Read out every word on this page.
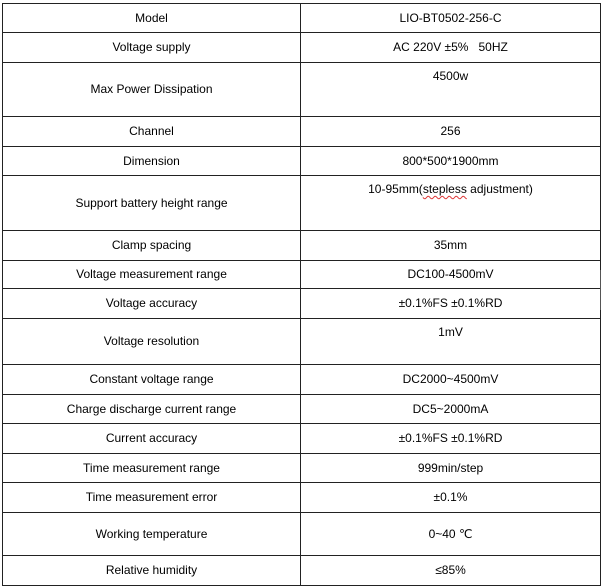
Model	LIO-BT0502-256-C
Voltage supply	AC 220V ±5%   50HZ
Max Power Dissipation	4500w
Channel	256
Dimension	800*500*1900mm
Support battery height range	10-95mm(stepless adjustment)
Clamp spacing	35mm
Voltage measurement range	DC100-4500mV
Voltage accuracy	±0.1%FS ±0.1%RD
Voltage resolution	1mV
Constant voltage range	DC2000~4500mV
Charge discharge current range	DC5~2000mA
Current accuracy	±0.1%FS ±0.1%RD
Time measurement range	999min/step
Time measurement error	±0.1%
Working temperature	0~40 ℃
Relative humidity	≤85%
